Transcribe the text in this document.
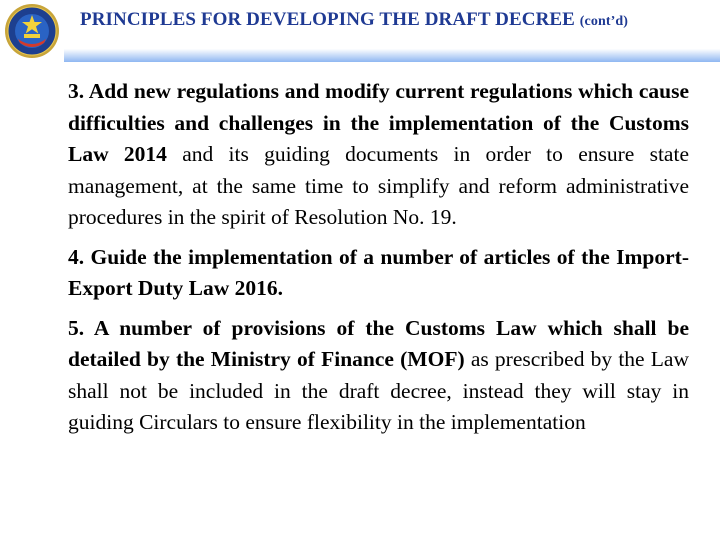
PRINCIPLES FOR DEVELOPING THE DRAFT DECREE (cont’d)

3. Add new regulations and modify current regulations which cause difficulties and challenges in the implementation of the Customs Law 2014 and its guiding documents in order to ensure state management, at the same time to simplify and reform administrative procedures in the spirit of Resolution No. 19.

4. Guide the implementation of a number of articles of the Import-Export Duty Law 2016.

5. A number of provisions of the Customs Law which shall be detailed by the Ministry of Finance (MOF) as prescribed by the Law shall not be included in the draft decree, instead they will stay in guiding Circulars to ensure flexibility in the implementation
